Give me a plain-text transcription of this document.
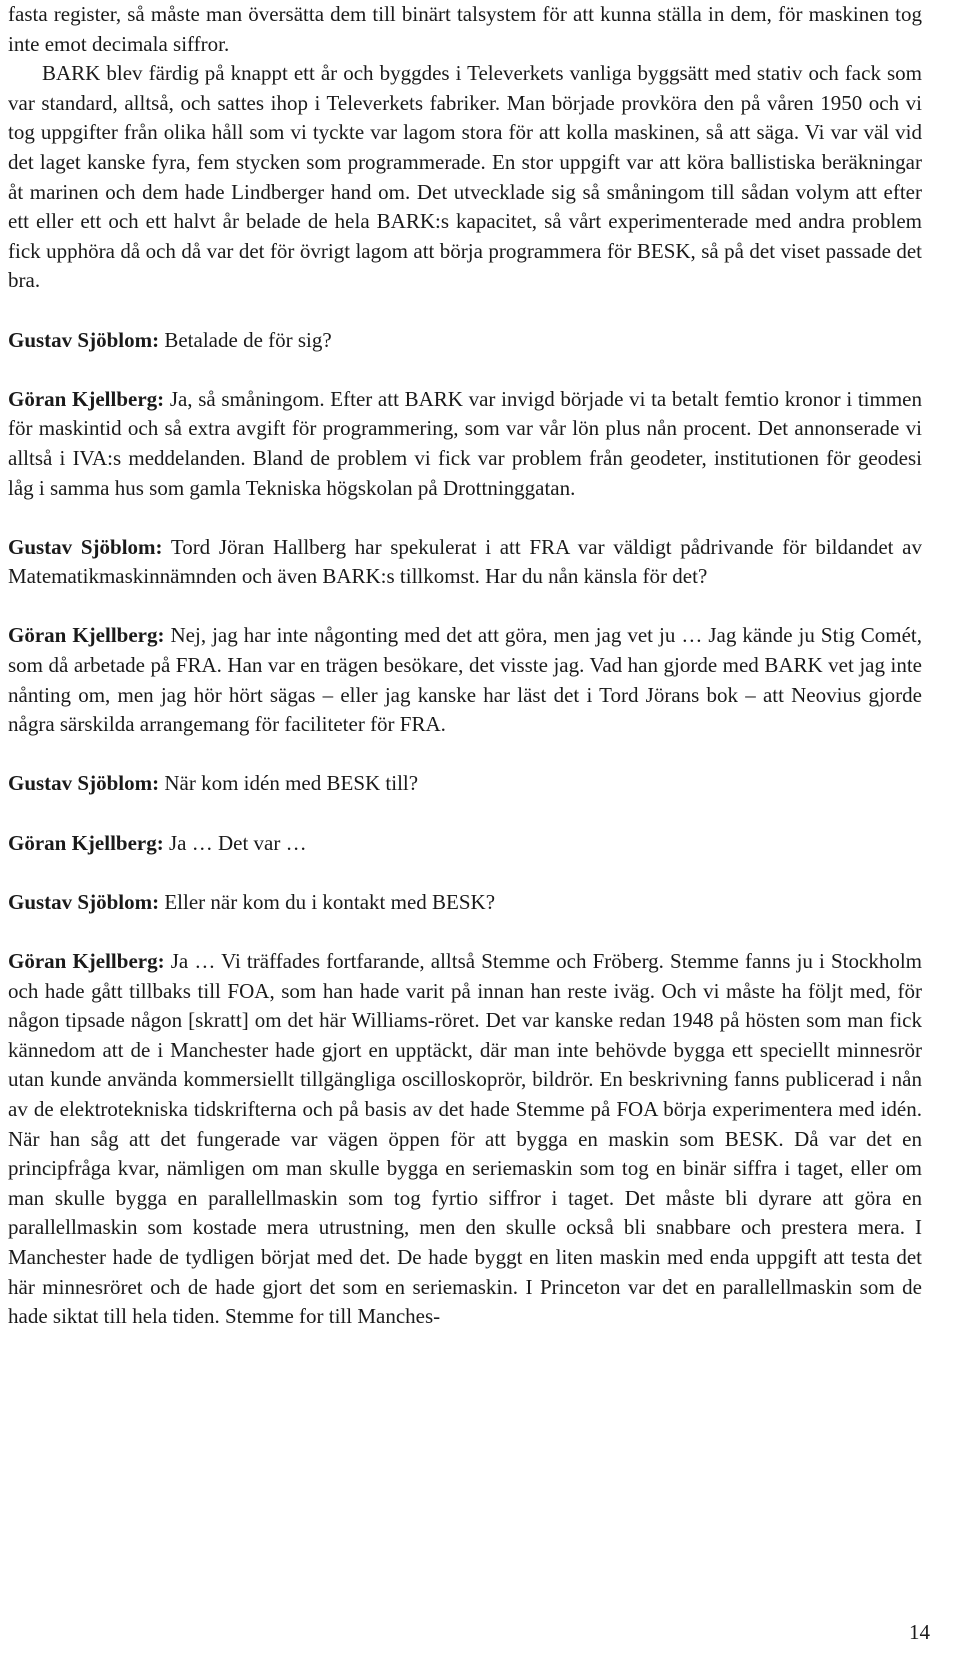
fasta register, så måste man översätta dem till binärt talsystem för att kunna ställa in dem, för maskinen tog inte emot decimala siffror.

BARK blev färdig på knappt ett år och byggdes i Televerkets vanliga byggsätt med stativ och fack som var standard, alltså, och sattes ihop i Televerkets fabriker. Man började provköra den på våren 1950 och vi tog uppgifter från olika håll som vi tyckte var lagom stora för att kolla maskinen, så att säga. Vi var väl vid det laget kanske fyra, fem stycken som programmerade. En stor uppgift var att köra ballistiska beräkningar åt marinen och dem hade Lindberger hand om. Det utvecklade sig så småningom till sådan volym att efter ett eller ett och ett halvt år belade de hela BARK:s kapacitet, så vårt experimenterade med andra problem fick upphöra då och då var det för övrigt lagom att börja programmera för BESK, så på det viset passade det bra.

Gustav Sjöblom: Betalade de för sig?

Göran Kjellberg: Ja, så småningom. Efter att BARK var invigd började vi ta betalt femtio kronor i timmen för maskintid och så extra avgift för programmering, som var vår lön plus nån procent. Det annonserade vi alltså i IVA:s meddelanden. Bland de problem vi fick var problem från geodeter, institutionen för geodesi låg i samma hus som gamla Tekniska högskolan på Drottninggatan.

Gustav Sjöblom: Tord Jöran Hallberg har spekulerat i att FRA var väldigt pådrivande för bildandet av Matematikmaskinnämnden och även BARK:s tillkomst. Har du nån känsla för det?

Göran Kjellberg: Nej, jag har inte någonting med det att göra, men jag vet ju … Jag kände ju Stig Comét, som då arbetade på FRA. Han var en trägen besökare, det visste jag. Vad han gjorde med BARK vet jag inte nånting om, men jag hör hört sägas – eller jag kanske har läst det i Tord Jörans bok – att Neovius gjorde några särskilda arrangemang för faciliteter för FRA.

Gustav Sjöblom: När kom idén med BESK till?

Göran Kjellberg: Ja … Det var …

Gustav Sjöblom: Eller när kom du i kontakt med BESK?

Göran Kjellberg: Ja … Vi träffades fortfarande, alltså Stemme och Fröberg. Stemme fanns ju i Stockholm och hade gått tillbaks till FOA, som han hade varit på innan han reste iväg. Och vi måste ha följt med, för någon tipsade någon [skratt] om det här Williams-röret. Det var kanske redan 1948 på hösten som man fick kännedom att de i Manchester hade gjort en upptäckt, där man inte behövde bygga ett speciellt minnesrör utan kunde använda kommersiellt tillgängliga oscilloskoprör, bildrör. En beskrivning fanns publicerad i nån av de elektrotekniska tidskrifterna och på basis av det hade Stemme på FOA börja experimentera med idén. När han såg att det fungerade var vägen öppen för att bygga en maskin som BESK. Då var det en principfråga kvar, nämligen om man skulle bygga en seriemaskin som tog en binär siffra i taget, eller om man skulle bygga en parallellmaskin som tog fyrtio siffror i taget. Det måste bli dyrare att göra en parallellmaskin som kostade mera utrustning, men den skulle också bli snabbare och prestera mera. I Manchester hade de tydligen börjat med det. De hade byggt en liten maskin med enda uppgift att testa det här minnesröret och de hade gjort det som en seriemaskin. I Princeton var det en parallellmaskin som de hade siktat till hela tiden. Stemme for till Manches-

14
